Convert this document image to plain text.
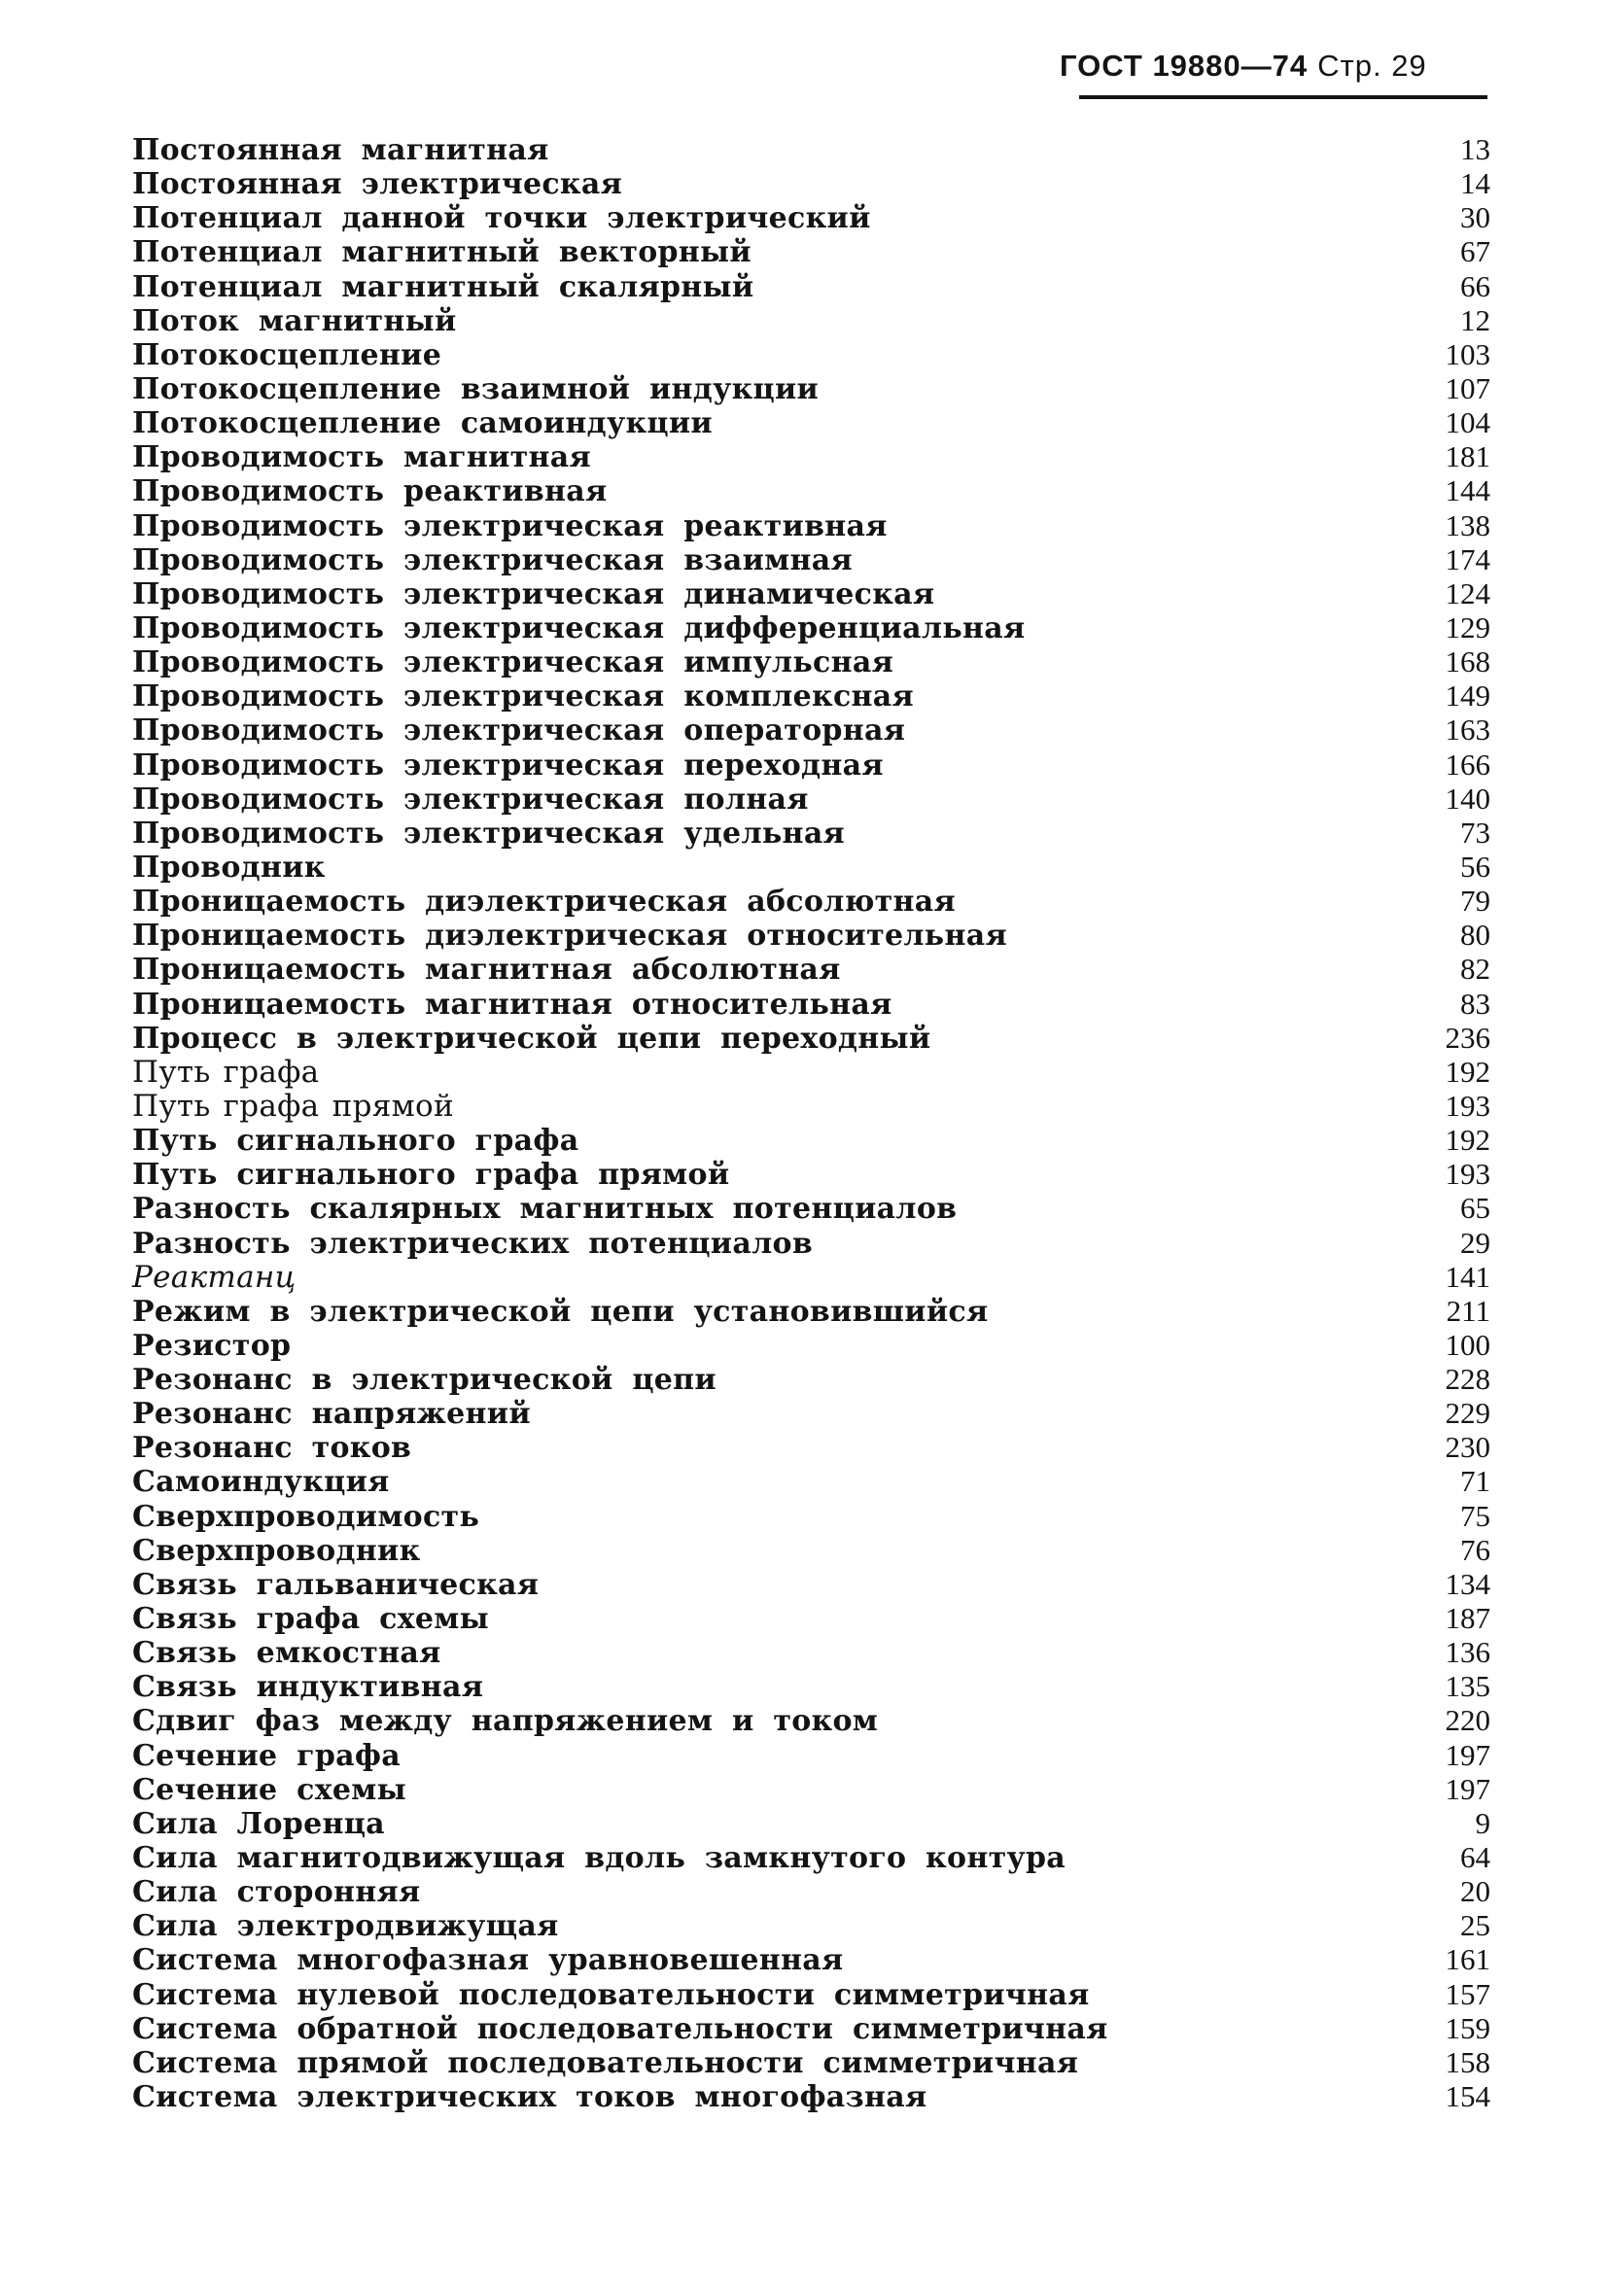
ГОСТ 19880—74 Стр. 29
Постоянная магнитная	13
Постоянная электрическая	14
Потенциал данной точки электрический	30
Потенциал магнитный векторный	67
Потенциал магнитный скалярный	66
Поток магнитный	12
Потокосцепление	103
Потокосцепление взаимной индукции	107
Потокосцепление самоиндукции	104
Проводимость магнитная	181
Проводимость реактивная	144
Проводимость электрическая реактивная	138
Проводимость электрическая взаимная	174
Проводимость электрическая динамическая	124
Проводимость электрическая дифференциальная	129
Проводимость электрическая импульсная	168
Проводимость электрическая комплексная	149
Проводимость электрическая операторная	163
Проводимость электрическая переходная	166
Проводимость электрическая полная	140
Проводимость электрическая удельная	73
Проводник	56
Проницаемость диэлектрическая абсолютная	79
Проницаемость диэлектрическая относительная	80
Проницаемость магнитная абсолютная	82
Проницаемость магнитная относительная	83
Процесс в электрической цепи переходный	236
Путь графа	192
Путь графа прямой	193
Путь сигнального графа	192
Путь сигнального графа прямой	193
Разность скалярных магнитных потенциалов	65
Разность электрических потенциалов	29
Реактанц	141
Режим в электрической цепи установившийся	211
Резистор	100
Резонанс в электрической цепи	228
Резонанс напряжений	229
Резонанс токов	230
Самоиндукция	71
Сверхпроводимость	75
Сверхпроводник	76
Связь гальваническая	134
Связь графа схемы	187
Связь емкостная	136
Связь индуктивная	135
Сдвиг фаз между напряжением и током	220
Сечение графа	197
Сечение схемы	197
Сила Лоренца	9
Сила магнитодвижущая вдоль замкнутого контура	64
Сила сторонняя	20
Сила электродвижущая	25
Система многофазная уравновешенная	161
Система нулевой последовательности симметричная	157
Система обратной последовательности симметричная	159
Система прямой последовательности симметричная	158
Система электрических токов многофазная	154
